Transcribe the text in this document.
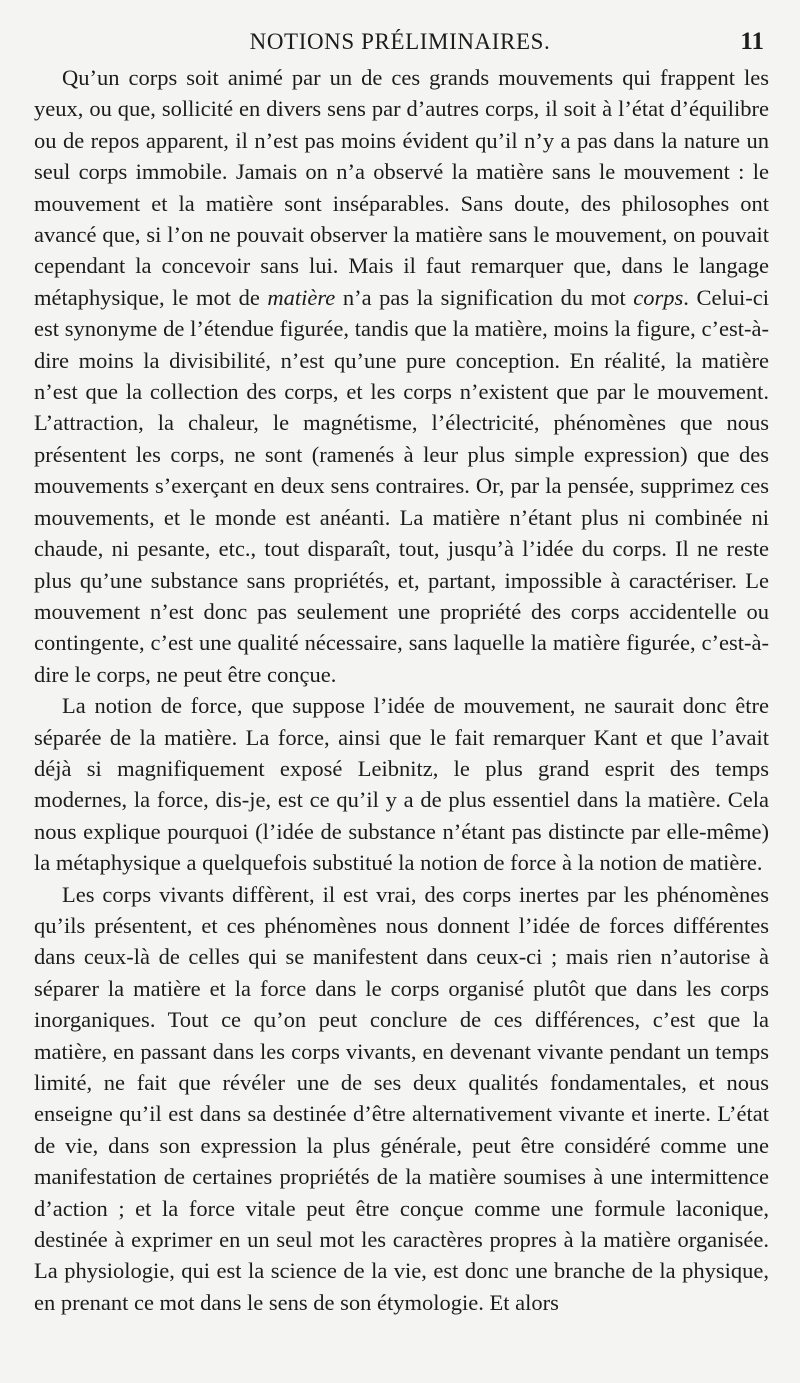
NOTIONS PRÉLIMINAIRES.	11

Qu’un corps soit animé par un de ces grands mouvements qui frappent les yeux, ou que, sollicité en divers sens par d’autres corps, il soit à l’état d’équilibre ou de repos apparent, il n’est pas moins évident qu’il n’y a pas dans la nature un seul corps immobile. Jamais on n’a observé la matière sans le mouvement : le mouvement et la matière sont inséparables. Sans doute, des philosophes ont avancé que, si l’on ne pouvait observer la matière sans le mouvement, on pouvait cependant la concevoir sans lui. Mais il faut remarquer que, dans le langage métaphysique, le mot de matière n’a pas la signification du mot corps. Celui-ci est synonyme de l’étendue figurée, tandis que la matière, moins la figure, c’est-à-dire moins la divisibilité, n’est qu’une pure conception. En réalité, la matière n’est que la collection des corps, et les corps n’existent que par le mouvement. L’attraction, la chaleur, le magnétisme, l’électricité, phénomènes que nous présentent les corps, ne sont (ramenés à leur plus simple expression) que des mouvements s’exerçant en deux sens contraires. Or, par la pensée, supprimez ces mouvements, et le monde est anéanti. La matière n’étant plus ni combinée ni chaude, ni pesante, etc., tout disparaît, tout, jusqu’à l’idée du corps. Il ne reste plus qu’une substance sans propriétés, et, partant, impossible à caractériser. Le mouvement n’est donc pas seulement une propriété des corps accidentelle ou contingente, c’est une qualité nécessaire, sans laquelle la matière figurée, c’est-à-dire le corps, ne peut être conçue.

La notion de force, que suppose l’idée de mouvement, ne saurait donc être séparée de la matière. La force, ainsi que le fait remarquer Kant et que l’avait déjà si magnifiquement exposé Leibnitz, le plus grand esprit des temps modernes, la force, dis-je, est ce qu’il y a de plus essentiel dans la matière. Cela nous explique pourquoi (l’idée de substance n’étant pas distincte par elle-même) la métaphysique a quelquefois substitué la notion de force à la notion de matière.

Les corps vivants diffèrent, il est vrai, des corps inertes par les phénomènes qu’ils présentent, et ces phénomènes nous donnent l’idée de forces différentes dans ceux-là de celles qui se manifestent dans ceux-ci ; mais rien n’autorise à séparer la matière et la force dans le corps organisé plutôt que dans les corps inorganiques. Tout ce qu’on peut conclure de ces différences, c’est que la matière, en passant dans les corps vivants, en devenant vivante pendant un temps limité, ne fait que révéler une de ses deux qualités fondamentales, et nous enseigne qu’il est dans sa destinée d’être alternativement vivante et inerte. L’état de vie, dans son expression la plus générale, peut être considéré comme une manifestation de certaines propriétés de la matière soumises à une intermittence d’action ; et la force vitale peut être conçue comme une formule laconique, destinée à exprimer en un seul mot les caractères propres à la matière organisée. La physiologie, qui est la science de la vie, est donc une branche de la physique, en prenant ce mot dans le sens de son étymologie. Et alors
